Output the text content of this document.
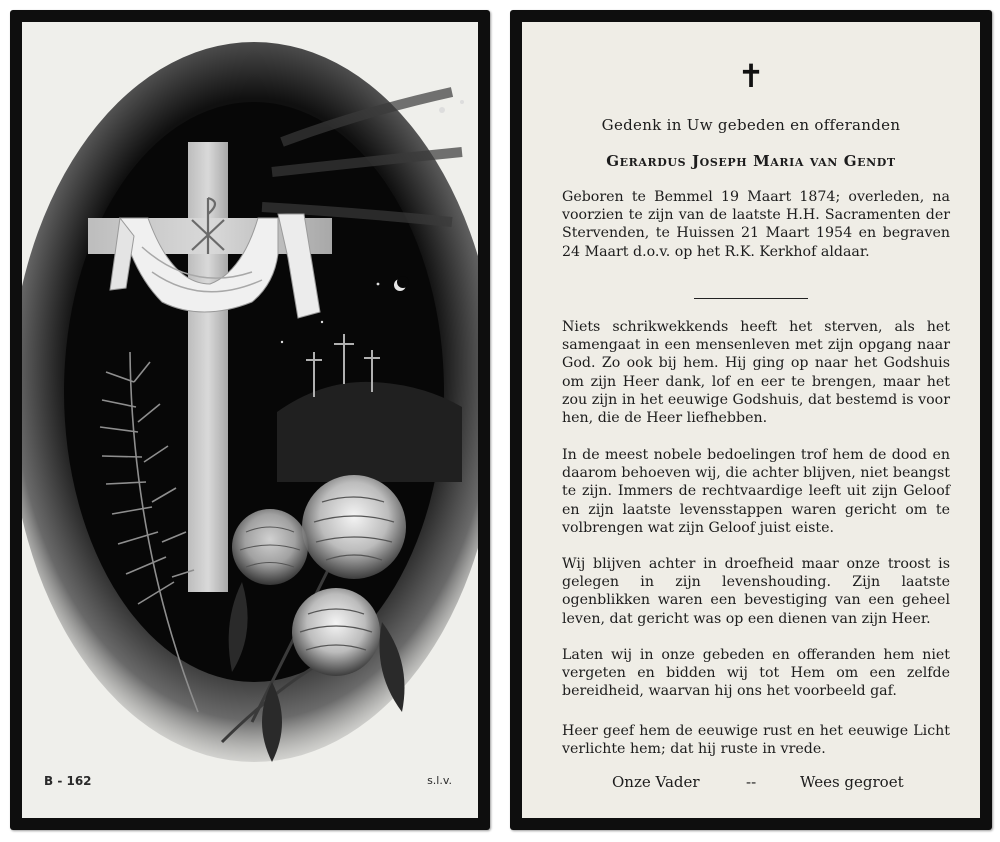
B - 162	s.l.v.
✝
Gedenk in Uw gebeden en offeranden
Gerardus Joseph Maria van Gendt

Geboren te Bemmel 19 Maart 1874; overleden, na voorzien te zijn van de laatste H.H. Sacramenten der Stervenden, te Huissen 21 Maart 1954 en begraven 24 Maart d.o.v. op het R.K. Kerkhof aldaar.

Niets schrikwekkends heeft het sterven, als het samengaat in een mensenleven met zijn opgang naar God. Zo ook bij hem. Hij ging op naar het Godshuis om zijn Heer dank, lof en eer te brengen, maar het zou zijn in het eeuwige Godshuis, dat bestemd is voor hen, die de Heer liefhebben.

In de meest nobele bedoelingen trof hem de dood en daarom behoeven wij, die achter blijven, niet beangst te zijn. Immers de rechtvaardige leeft uit zijn Geloof en zijn laatste levensstappen waren gericht om te volbrengen wat zijn Geloof juist eiste.

Wij blijven achter in droefheid maar onze troost is gelegen in zijn levenshouding. Zijn laatste ogenblikken waren een bevestiging van een geheel leven, dat gericht was op een dienen van zijn Heer.

Laten wij in onze gebeden en offeranden hem niet vergeten en bidden wij tot Hem om een zelfde bereidheid, waarvan hij ons het voorbeeld gaf.

Heer geef hem de eeuwige rust en het eeuwige Licht verlichte hem; dat hij ruste in vrede.

Onze Vader	--	Wees gegroet
